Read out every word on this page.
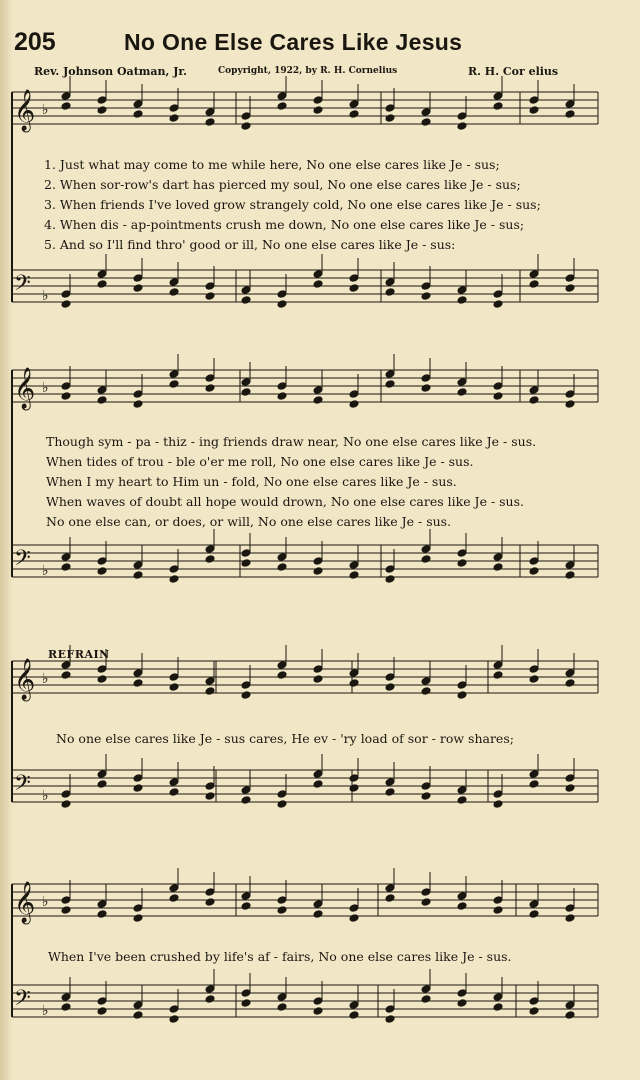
205	No One Else Cares Like Jesus
Rev. Johnson Oatman, Jr.	Copyright, 1922, by R. H. Cornelius	R. H. Cor elius
𝄞 ♭
𝄢 ♭
𝄞 ♭
𝄢 ♭
𝄞 ♭
𝄢 ♭
𝄞 ♭
𝄢 ♭
1. Just what may come to me while here, No one else cares like Je - sus;
2. When sor-row's dart has pierced my soul, No one else cares like Je - sus;
3. When friends I've loved grow strangely cold, No one else cares like Je - sus;
4. When dis - ap-pointments crush me down, No one else cares like Je - sus;
5. And so I'll find thro' good or ill, No one else cares like Je - sus:
Though sym - pa - thiz - ing friends draw near, No one else cares like Je - sus.
When tides of trou - ble o'er me roll, No one else cares like Je - sus.
When I my heart to Him un - fold, No one else cares like Je - sus.
When waves of doubt all hope would drown, No one else cares like Je - sus.
No one else can, or does, or will, No one else cares like Je - sus.
REFRAIN
No one else cares like Je - sus cares, He ev - 'ry load of sor - row shares;
When I've been crushed by life's af - fairs, No one else cares like Je - sus.
